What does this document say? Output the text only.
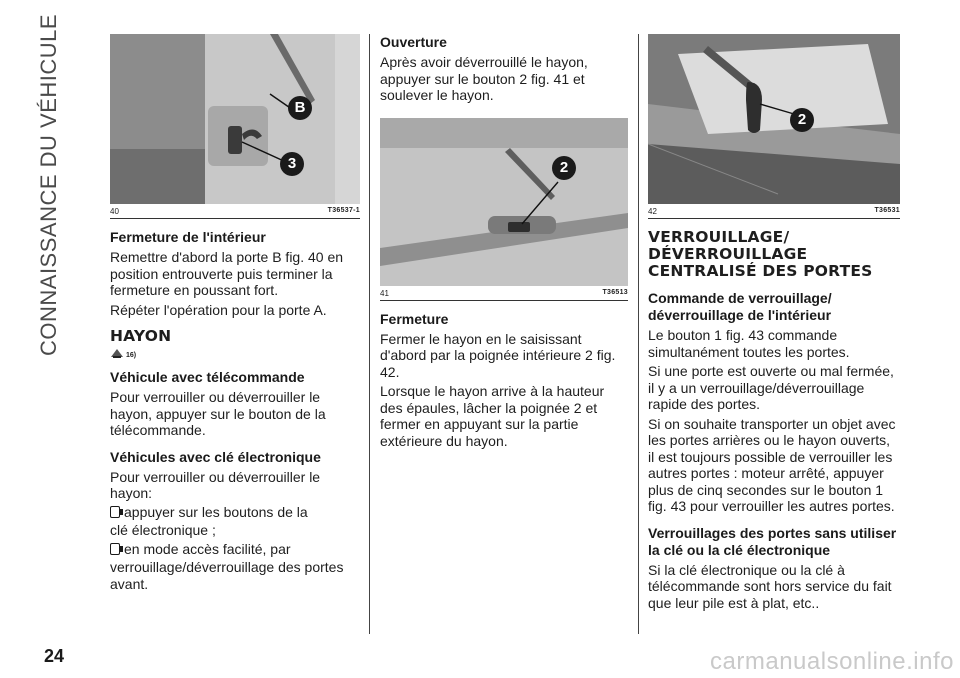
CONNAISSANCE DU VÉHICULE
24	carmanualsonline.info
B
3
40	T36537-1
Fermeture de l'intérieur

Remettre d'abord la porte B fig. 40 en position entrouverte puis terminer la fermeture en poussant fort.

Répéter l'opération pour la porte A.

HAYON
16)
Véhicule avec télécommande

Pour verrouiller ou déverrouiller le hayon, appuyer sur le bouton de la télécommande.

Véhicules avec clé électronique

Pour verrouiller ou déverrouiller le hayon:

appuyer sur les boutons de la
clé électronique ;
en mode accès facilité, par
verrouillage/déverrouillage des portes avant.
Ouverture

Après avoir déverrouillé le hayon, appuyer sur le bouton 2 fig. 41 et soulever le hayon.

2
41	T36513
Fermeture

Fermer le hayon en le saisissant d'abord par la poignée intérieure 2 fig. 42.

Lorsque le hayon arrive à la hauteur des épaules, lâcher la poignée 2 et fermer en appuyant sur la partie extérieure du hayon.

2
42	T36531
VERROUILLAGE/ DÉVERROUILLAGE CENTRALISÉ DES PORTES
Commande de verrouillage/ déverrouillage de l'intérieur

Le bouton 1 fig. 43 commande simultanément toutes les portes.

Si une porte est ouverte ou mal fermée, il y a un verrouillage/déverrouillage rapide des portes.

Si on souhaite transporter un objet avec les portes arrières ou le hayon ouverts, il est toujours possible de verrouiller les autres portes : moteur arrêté, appuyer plus de cinq secondes sur le bouton 1 fig. 43 pour verrouiller les autres portes.

Verrouillages des portes sans utiliser la clé ou la clé électronique

Si la clé électronique ou la clé à télécommande sont hors service du fait que leur pile est à plat, etc..
